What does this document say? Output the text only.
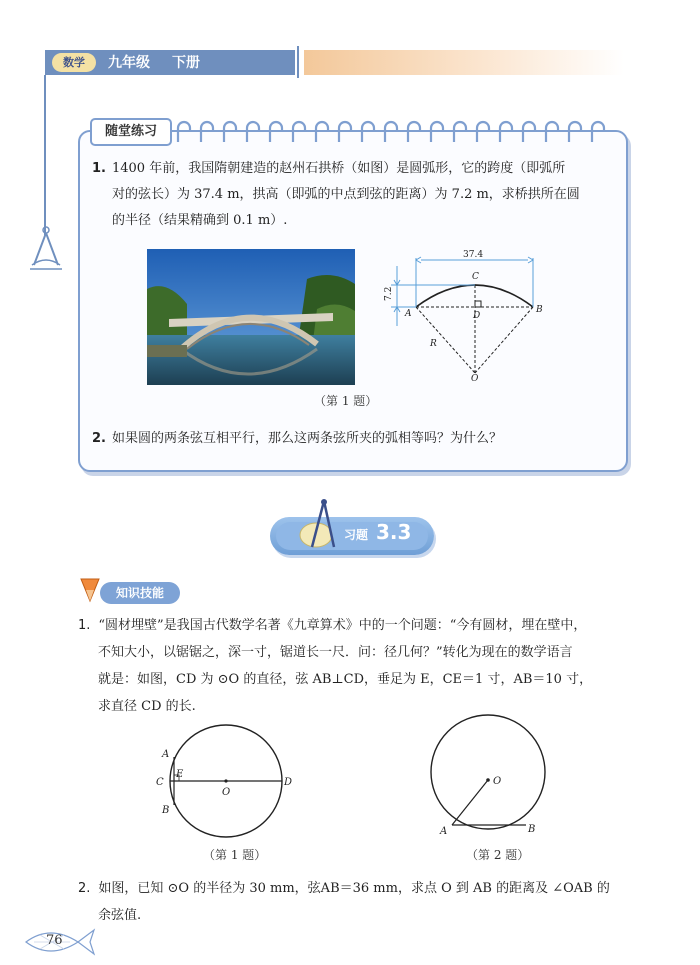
数学	九年级 下册
随堂练习
1. 1400 年前，我国隋朝建造的赵州石拱桥（如图）是圆弧形，它的跨度（即弧所
对的弦长）为 37.4 m，拱高（即弧的中点到弦的距离）为 7.2 m，求桥拱所在圆
的半径（结果精确到 0.1 m）.
37.4
7.2
A	B
C
D
O
R
（第 1 题）
2. 如果圆的两条弦互相平行，那么这两条弦所夹的弧相等吗？为什么？
习题 3.3
知识技能
1. “圆材埋壁”是我国古代数学名著《九章算术》中的一个问题：“今有圆材，埋在壁中，
不知大小，以锯锯之，深一寸，锯道长一尺．问：径几何？”转化为现在的数学语言
就是：如图，CD 为 ⊙O 的直径，弦 AB⊥CD，垂足为 E，CE＝1 寸，AB＝10 寸，
求直径 CD 的长.
A
B
C	D
E
O
（第 1 题）
O
A	B
（第 2 题）
2. 如图，已知 ⊙O 的半径为 30 mm，弦AB＝36 mm，求点 O 到 AB 的距离及 ∠OAB 的
余弦值.
76
